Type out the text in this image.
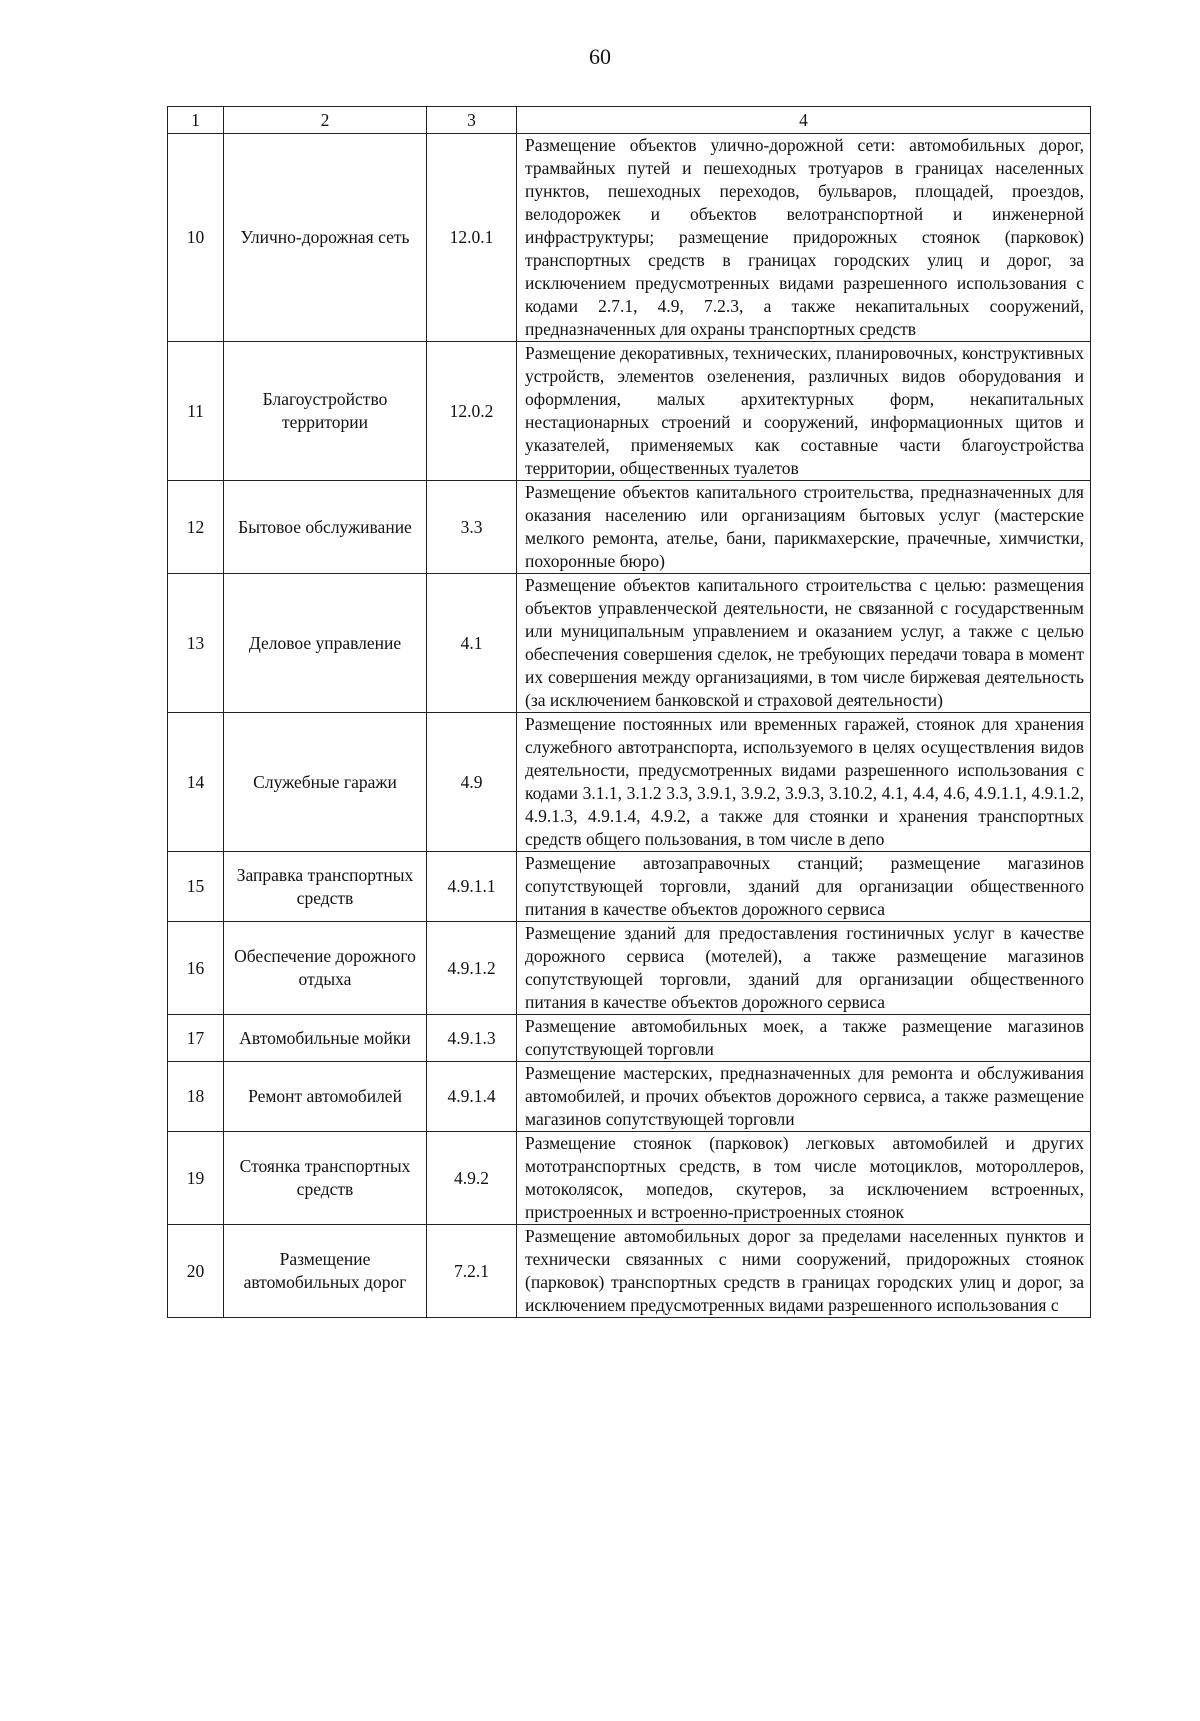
60
1	2	3	4
10	Улично-дорожная сеть	12.0.1	Размещение объектов улично-дорожной сети: автомобильных дорог, трамвайных путей и пешеходных тротуаров в границах населенных пунктов, пешеходных переходов, бульваров, площадей, проездов, велодорожек и объектов велотранспортной и инженерной инфраструктуры; размещение придорожных стоянок (парковок) транспортных средств в границах городских улиц и дорог, за исключением предусмотренных видами разрешенного использования с кодами 2.7.1, 4.9, 7.2.3, а также некапитальных сооружений, предназначенных для охраны транспортных средств

11	Благоустройство территории	12.0.2	Размещение декоративных, технических, планировочных, конструктивных устройств, элементов озеленения, различных видов оборудования и оформления, малых архитектурных форм, некапитальных нестационарных строений и сооружений, информационных щитов и указателей, применяемых как составные части благоустройства территории, общественных туалетов

12	Бытовое обслуживание	3.3	Размещение объектов капитального строительства, предназначенных для оказания населению или организациям бытовых услуг (мастерские мелкого ремонта, ателье, бани, парикмахерские, прачечные, химчистки, похоронные бюро)

13	Деловое управление	4.1	Размещение объектов капитального строительства с целью: размещения объектов управленческой деятельности, не связанной с государственным или муниципальным управлением и оказанием услуг, а также с целью обеспечения совершения сделок, не требующих передачи товара в момент их совершения между организациями, в том числе биржевая деятельность (за исключением банковской и страховой деятельности)

14	Служебные гаражи	4.9	Размещение постоянных или временных гаражей, стоянок для хранения служебного автотранспорта, используемого в целях осуществления видов деятельности, предусмотренных видами разрешенного использования с кодами 3.1.1, 3.1.2 3.3, 3.9.1, 3.9.2, 3.9.3, 3.10.2, 4.1, 4.4, 4.6, 4.9.1.1, 4.9.1.2, 4.9.1.3, 4.9.1.4, 4.9.2, а также для стоянки и хранения транспортных средств общего пользования, в том числе в депо

15	Заправка транспортных средств	4.9.1.1	Размещение автозаправочных станций; размещение магазинов сопутствующей торговли, зданий для организации общественного питания в качестве объектов дорожного сервиса

16	Обеспечение дорожного отдыха	4.9.1.2	Размещение зданий для предоставления гостиничных услуг в качестве дорожного сервиса (мотелей), а также размещение магазинов сопутствующей торговли, зданий для организации общественного питания в качестве объектов дорожного сервиса

17	Автомобильные мойки	4.9.1.3	Размещение автомобильных моек, а также размещение магазинов сопутствующей торговли

18	Ремонт автомобилей	4.9.1.4	Размещение мастерских, предназначенных для ремонта и обслуживания автомобилей, и прочих объектов дорожного сервиса, а также размещение магазинов сопутствующей торговли

19	Стоянка транспортных средств	4.9.2	Размещение стоянок (парковок) легковых автомобилей и других мототранспортных средств, в том числе мотоциклов, мотороллеров, мотоколясок, мопедов, скутеров, за исключением встроенных, пристроенных и встроенно-пристроенных стоянок

20	Размещение автомобильных дорог	7.2.1	Размещение автомобильных дорог за пределами населенных пунктов и технически связанных с ними сооружений, придорожных стоянок (парковок) транспортных средств в границах городских улиц и дорог, за исключением предусмотренных видами разрешенного использования с
